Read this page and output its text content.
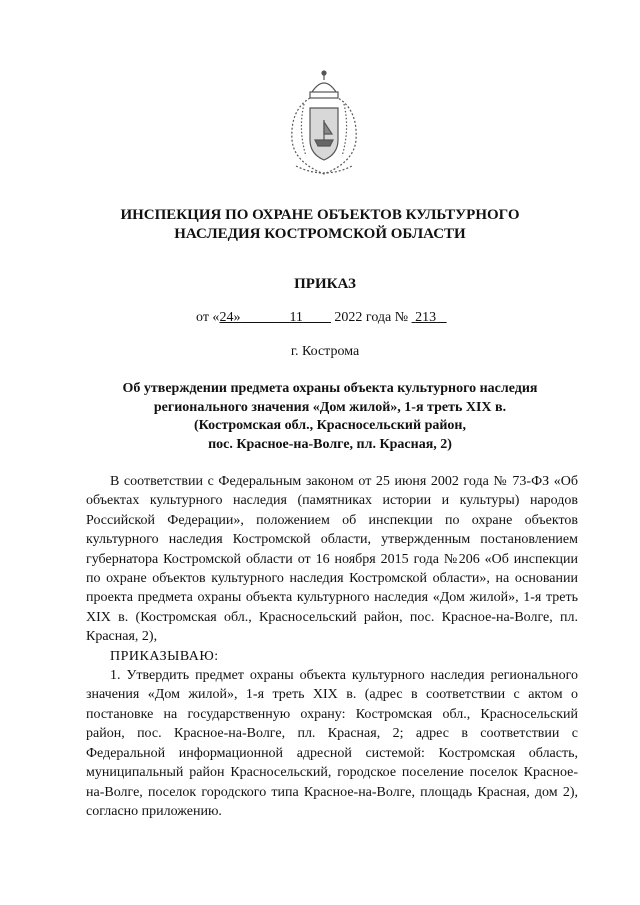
ИНСПЕКЦИЯ ПО ОХРАНЕ ОБЪЕКТОВ КУЛЬТУРНОГО
НАСЛЕДИЯ КОСТРОМСКОЙ ОБЛАСТИ
ПРИКАЗ
от «24»	11 2022 года № 213
г. Кострома
Об утверждении предмета охраны объекта культурного наследия
регионального значения «Дом жилой», 1-я треть XIX в.
(Костромская обл., Красносельский район,
пос. Красное-на-Волге, пл. Красная, 2)

В соответствии с Федеральным законом от 25 июня 2002 года № 73-ФЗ «Об объектах культурного наследия (памятниках истории и культуры) народов Российской Федерации», положением об инспекции по охране объектов культурного наследия Костромской области, утвержденным постановлением губернатора Костромской области от 16 ноября 2015 года №206 «Об инспекции по охране объектов культурного наследия Костромской области», на основании проекта предмета охраны объекта культурного наследия «Дом жилой», 1-я треть XIX в. (Костромская обл., Красносельский район, пос. Красное-на-Волге, пл. Красная, 2),

ПРИКАЗЫВАЮ:

1. Утвердить предмет охраны объекта культурного наследия регионального значения «Дом жилой», 1-я треть XIX в. (адрес в соответствии с актом о постановке на государственную охрану: Костромская обл., Красносельский район, пос. Красное-на-Волге, пл. Красная, 2; адрес в соответствии с Федеральной информационной адресной системой: Костромская область, муниципальный район Красносельский, городское поселение поселок Красное-на-Волге, поселок городского типа Красное-на-Волге, площадь Красная, дом 2), согласно приложению.
